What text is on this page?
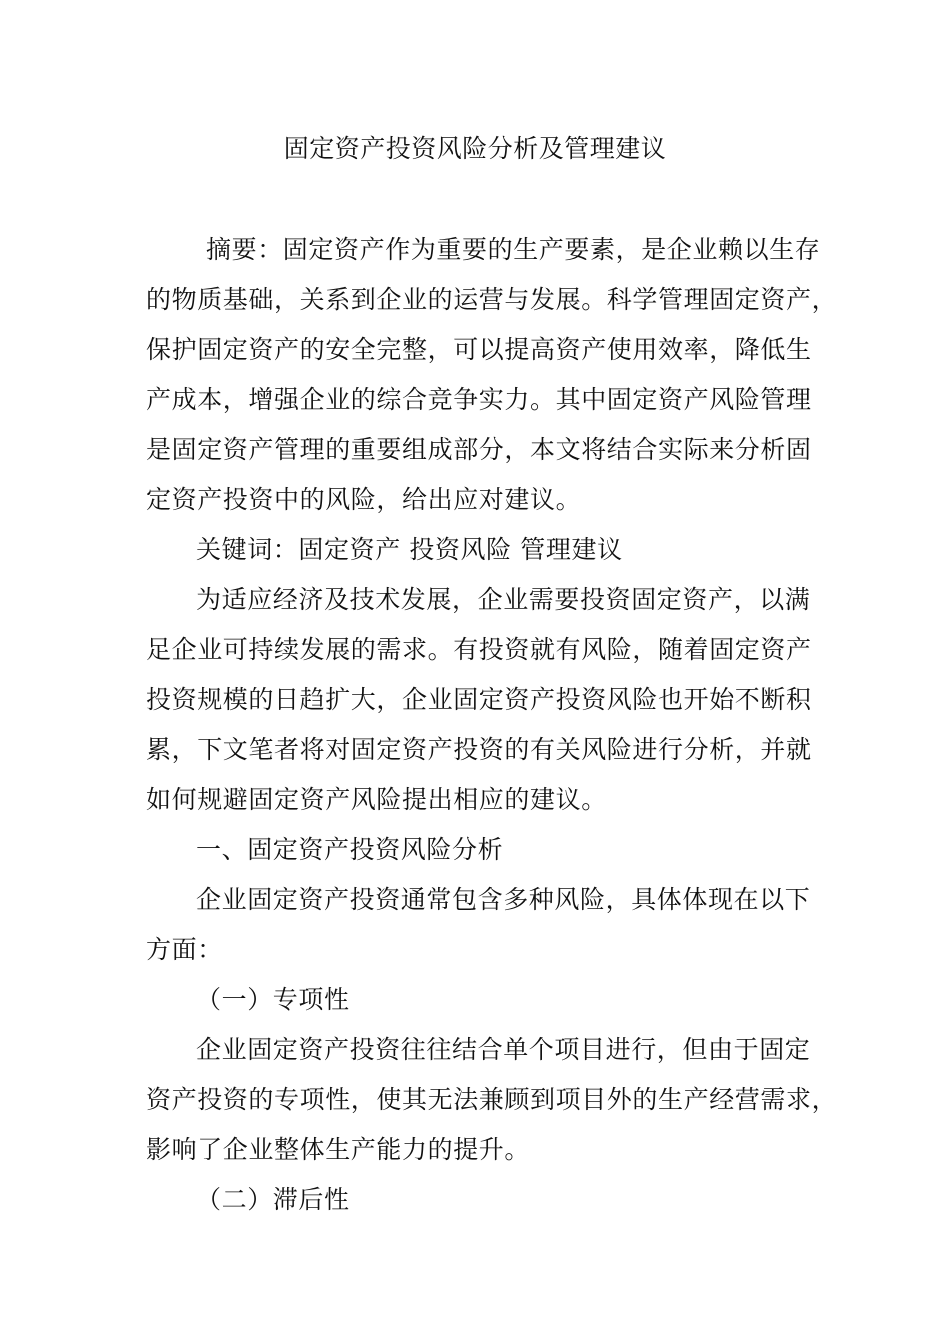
固定资产投资风险分析及管理建议
摘要：固定资产作为重要的生产要素，是企业赖以生存
的物质基础，关系到企业的运营与发展。科学管理固定资产，
保护固定资产的安全完整，可以提高资产使用效率，降低生
产成本，增强企业的综合竞争实力。其中固定资产风险管理
是固定资产管理的重要组成部分，本文将结合实际来分析固
定资产投资中的风险，给出应对建议。
关键词：固定资产 投资风险 管理建议
为适应经济及技术发展，企业需要投资固定资产，以满
足企业可持续发展的需求。有投资就有风险，随着固定资产
投资规模的日趋扩大，企业固定资产投资风险也开始不断积
累，下文笔者将对固定资产投资的有关风险进行分析，并就
如何规避固定资产风险提出相应的建议。
一、固定资产投资风险分析
企业固定资产投资通常包含多种风险，具体体现在以下
方面：
（一）专项性
企业固定资产投资往往结合单个项目进行，但由于固定
资产投资的专项性，使其无法兼顾到项目外的生产经营需求，
影响了企业整体生产能力的提升。
（二）滞后性
